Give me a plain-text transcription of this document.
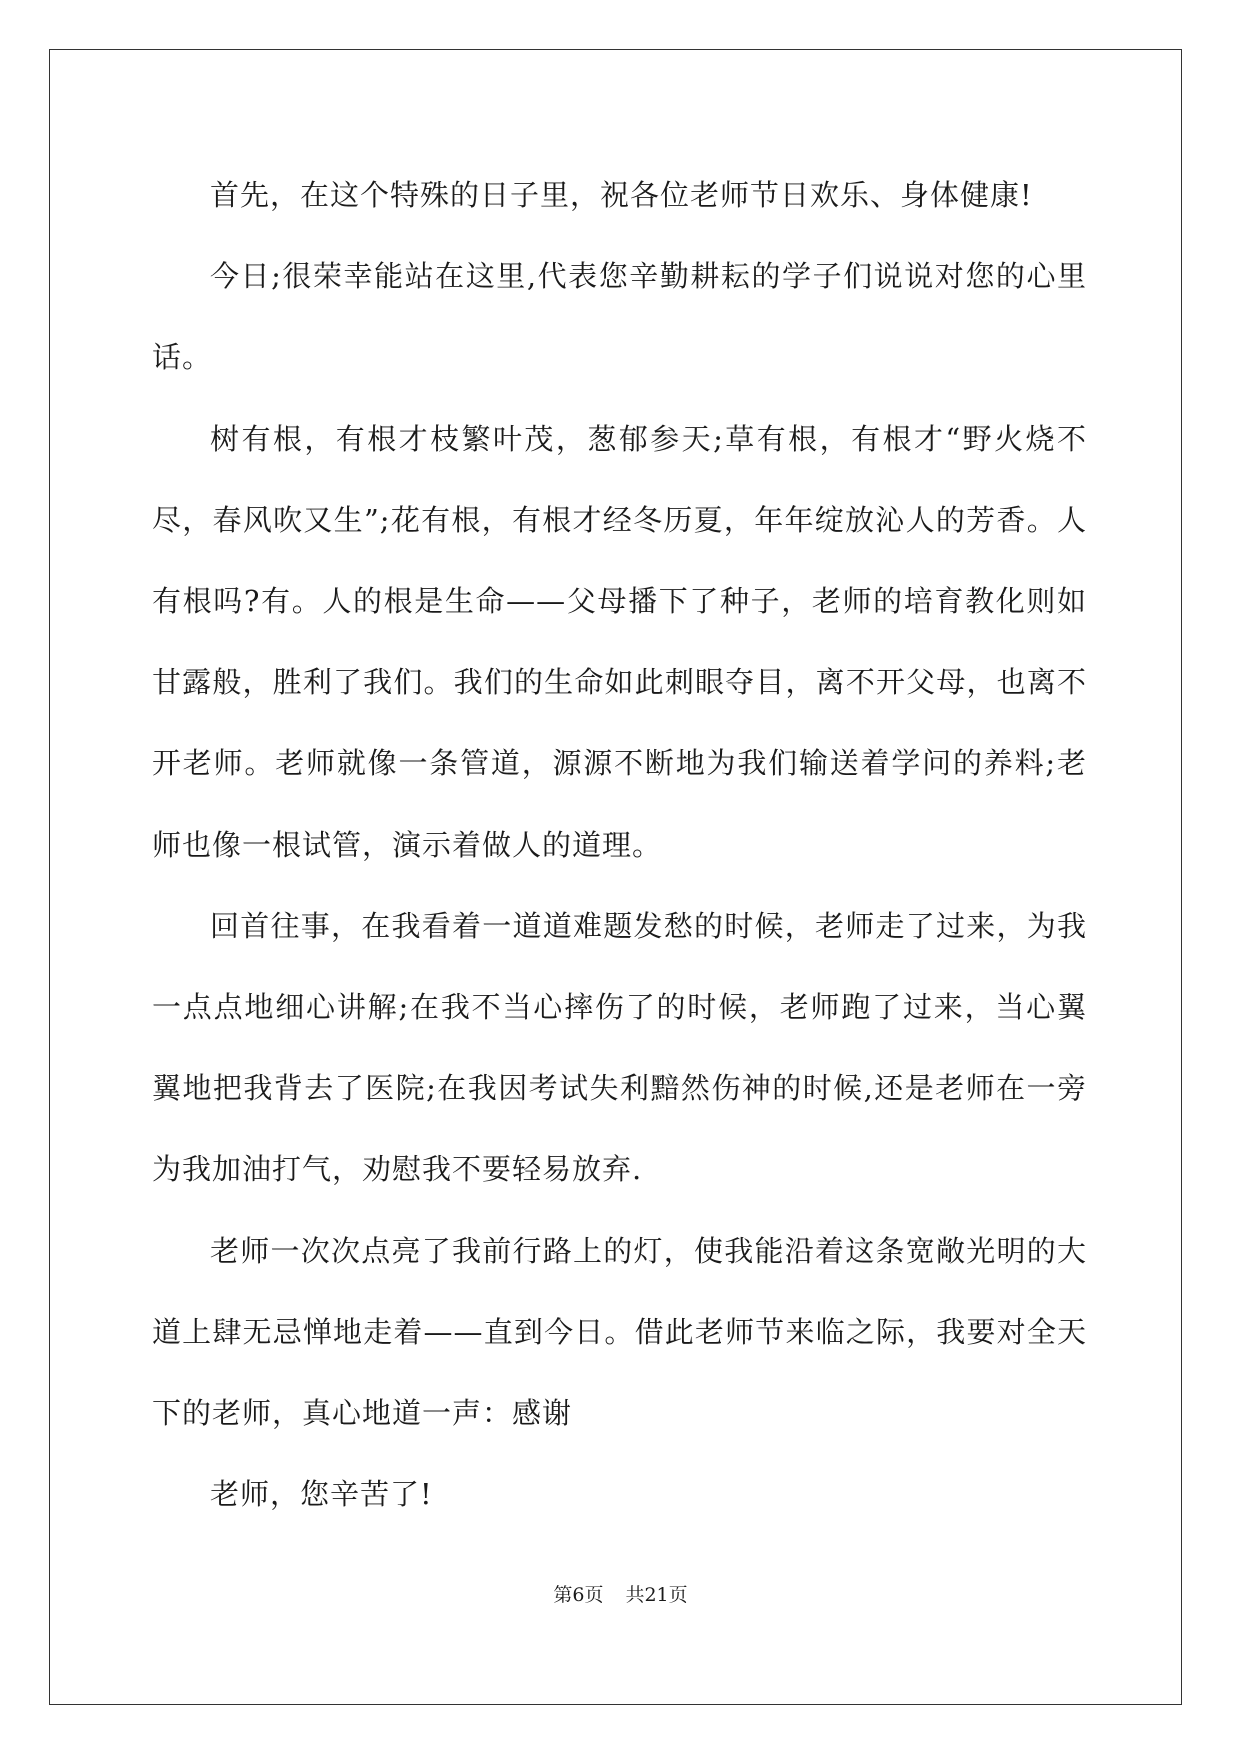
首先，在这个特殊的日子里，祝各位老师节日欢乐、身体健康!

今日;很荣幸能站在这里,代表您辛勤耕耘的学子们说说对您的心里话。

树有根，有根才枝繁叶茂，葱郁参天;草有根，有根才“野火烧不尽，春风吹又生”;花有根，有根才经冬历夏，年年绽放沁人的芳香。人有根吗?有。人的根是生命——父母播下了种子，老师的培育教化则如甘露般，胜利了我们。我们的生命如此刺眼夺目，离不开父母，也离不开老师。老师就像一条管道，源源不断地为我们输送着学问的养料;老师也像一根试管，演示着做人的道理。

回首往事，在我看着一道道难题发愁的时候，老师走了过来，为我一点点地细心讲解;在我不当心摔伤了的时候，老师跑了过来，当心翼翼地把我背去了医院;在我因考试失利黯然伤神的时候,还是老师在一旁为我加油打气，劝慰我不要轻易放弃.

老师一次次点亮了我前行路上的灯，使我能沿着这条宽敞光明的大道上肆无忌惮地走着——直到今日。借此老师节来临之际，我要对全天下的老师，真心地道一声：感谢

老师，您辛苦了!

第6页 共21页
